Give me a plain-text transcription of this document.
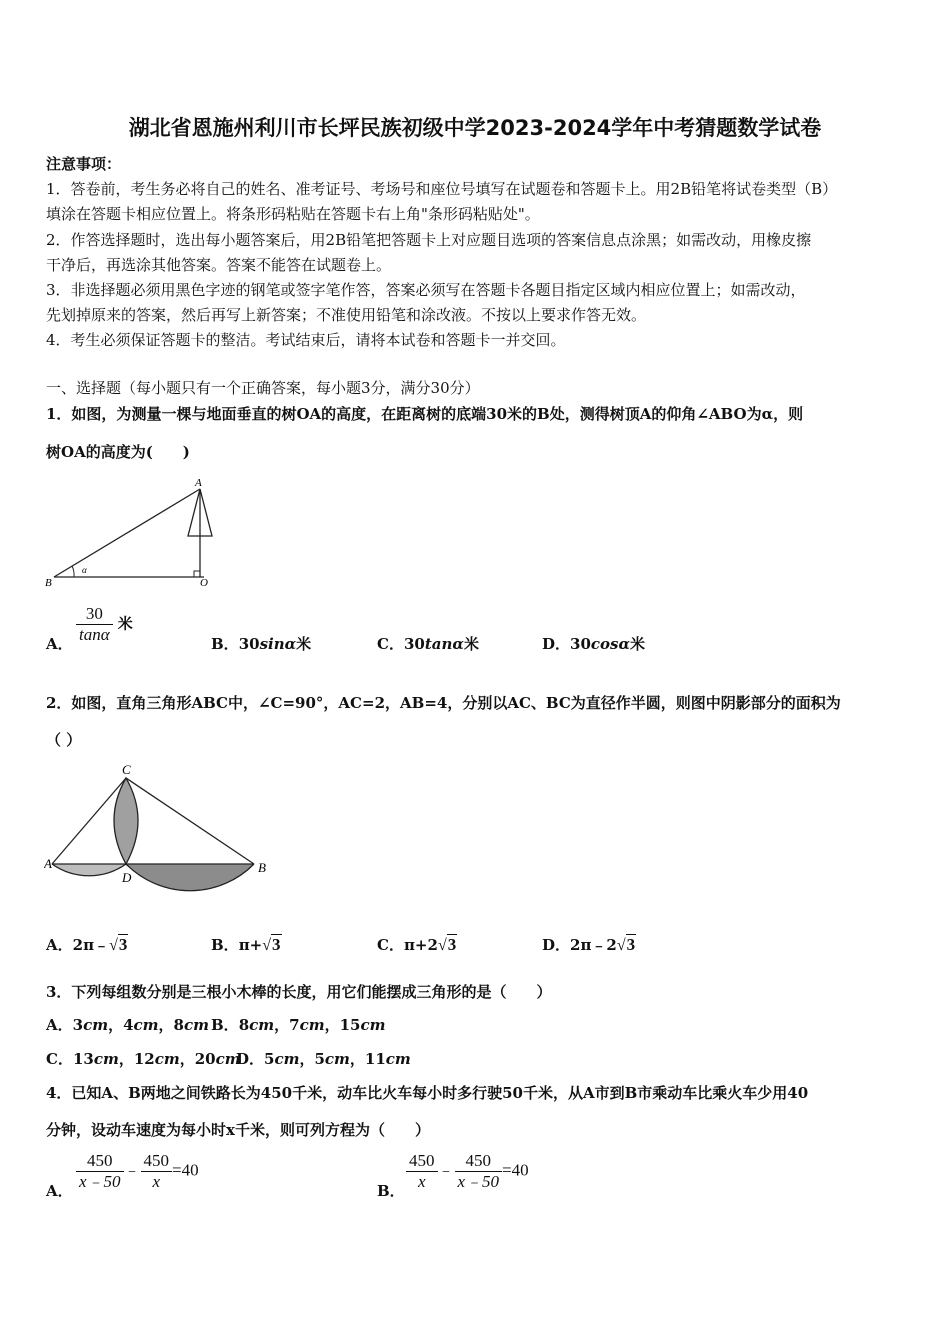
湖北省恩施州利川市长坪民族初级中学2023-2024学年中考猜题数学试卷
注意事项：
1．答卷前，考生务必将自己的姓名、准考证号、考场号和座位号填写在试题卷和答题卡上。用2B铅笔将试卷类型（B）
填涂在答题卡相应位置上。将条形码粘贴在答题卡右上角"条形码粘贴处"。
2．作答选择题时，选出每小题答案后，用2B铅笔把答题卡上对应题目选项的答案信息点涂黑；如需改动，用橡皮擦
干净后，再选涂其他答案。答案不能答在试题卷上。
3．非选择题必须用黑色字迹的钢笔或签字笔作答，答案必须写在答题卡各题目指定区域内相应位置上；如需改动，
先划掉原来的答案，然后再写上新答案；不准使用铅笔和涂改液。不按以上要求作答无效。
4．考生必须保证答题卡的整洁。考试结束后，请将本试卷和答题卡一并交回。
一、选择题（每小题只有一个正确答案，每小题3分，满分30分）
1．如图，为测量一棵与地面垂直的树OA的高度，在距离树的底端30米的B处，测得树顶A的仰角∠ABO为α，则
树OA的高度为(　　)
A
B	O
α
A． $\frac{30}{\tan\alpha}$ 米
B．30sinα米	C．30tanα米	D．30cosα米
2．如图，直角三角形ABC中，∠C=90°，AC=2，AB=4，分别以AC、BC为直径作半圆，则图中阴影部分的面积为
（ ）
C
A	B
D
A．2π﹣√3	B．π+√3	C．π+2√3	D．2π﹣2√3
3．下列每组数分别是三根小木棒的长度，用它们能摆成三角形的是（　　）
A．3cm，4cm，8cm B．8cm，7cm，15cm
C．13cm，12cm，20cm
D．5cm，5cm，11cm
4．已知A、B两地之间铁路长为450千米，动车比火车每小时多行驶50千米，从A市到B市乘动车比乘火车少用40
分钟，设动车速度为每小时x千米，则可列方程为（　　）
A． $\frac{450}{x﹣50}$ ﹣ $\frac{450}{x} =40$
B． $\frac{450}{x}$ ﹣ $\frac{450}{x﹣50} =40$
